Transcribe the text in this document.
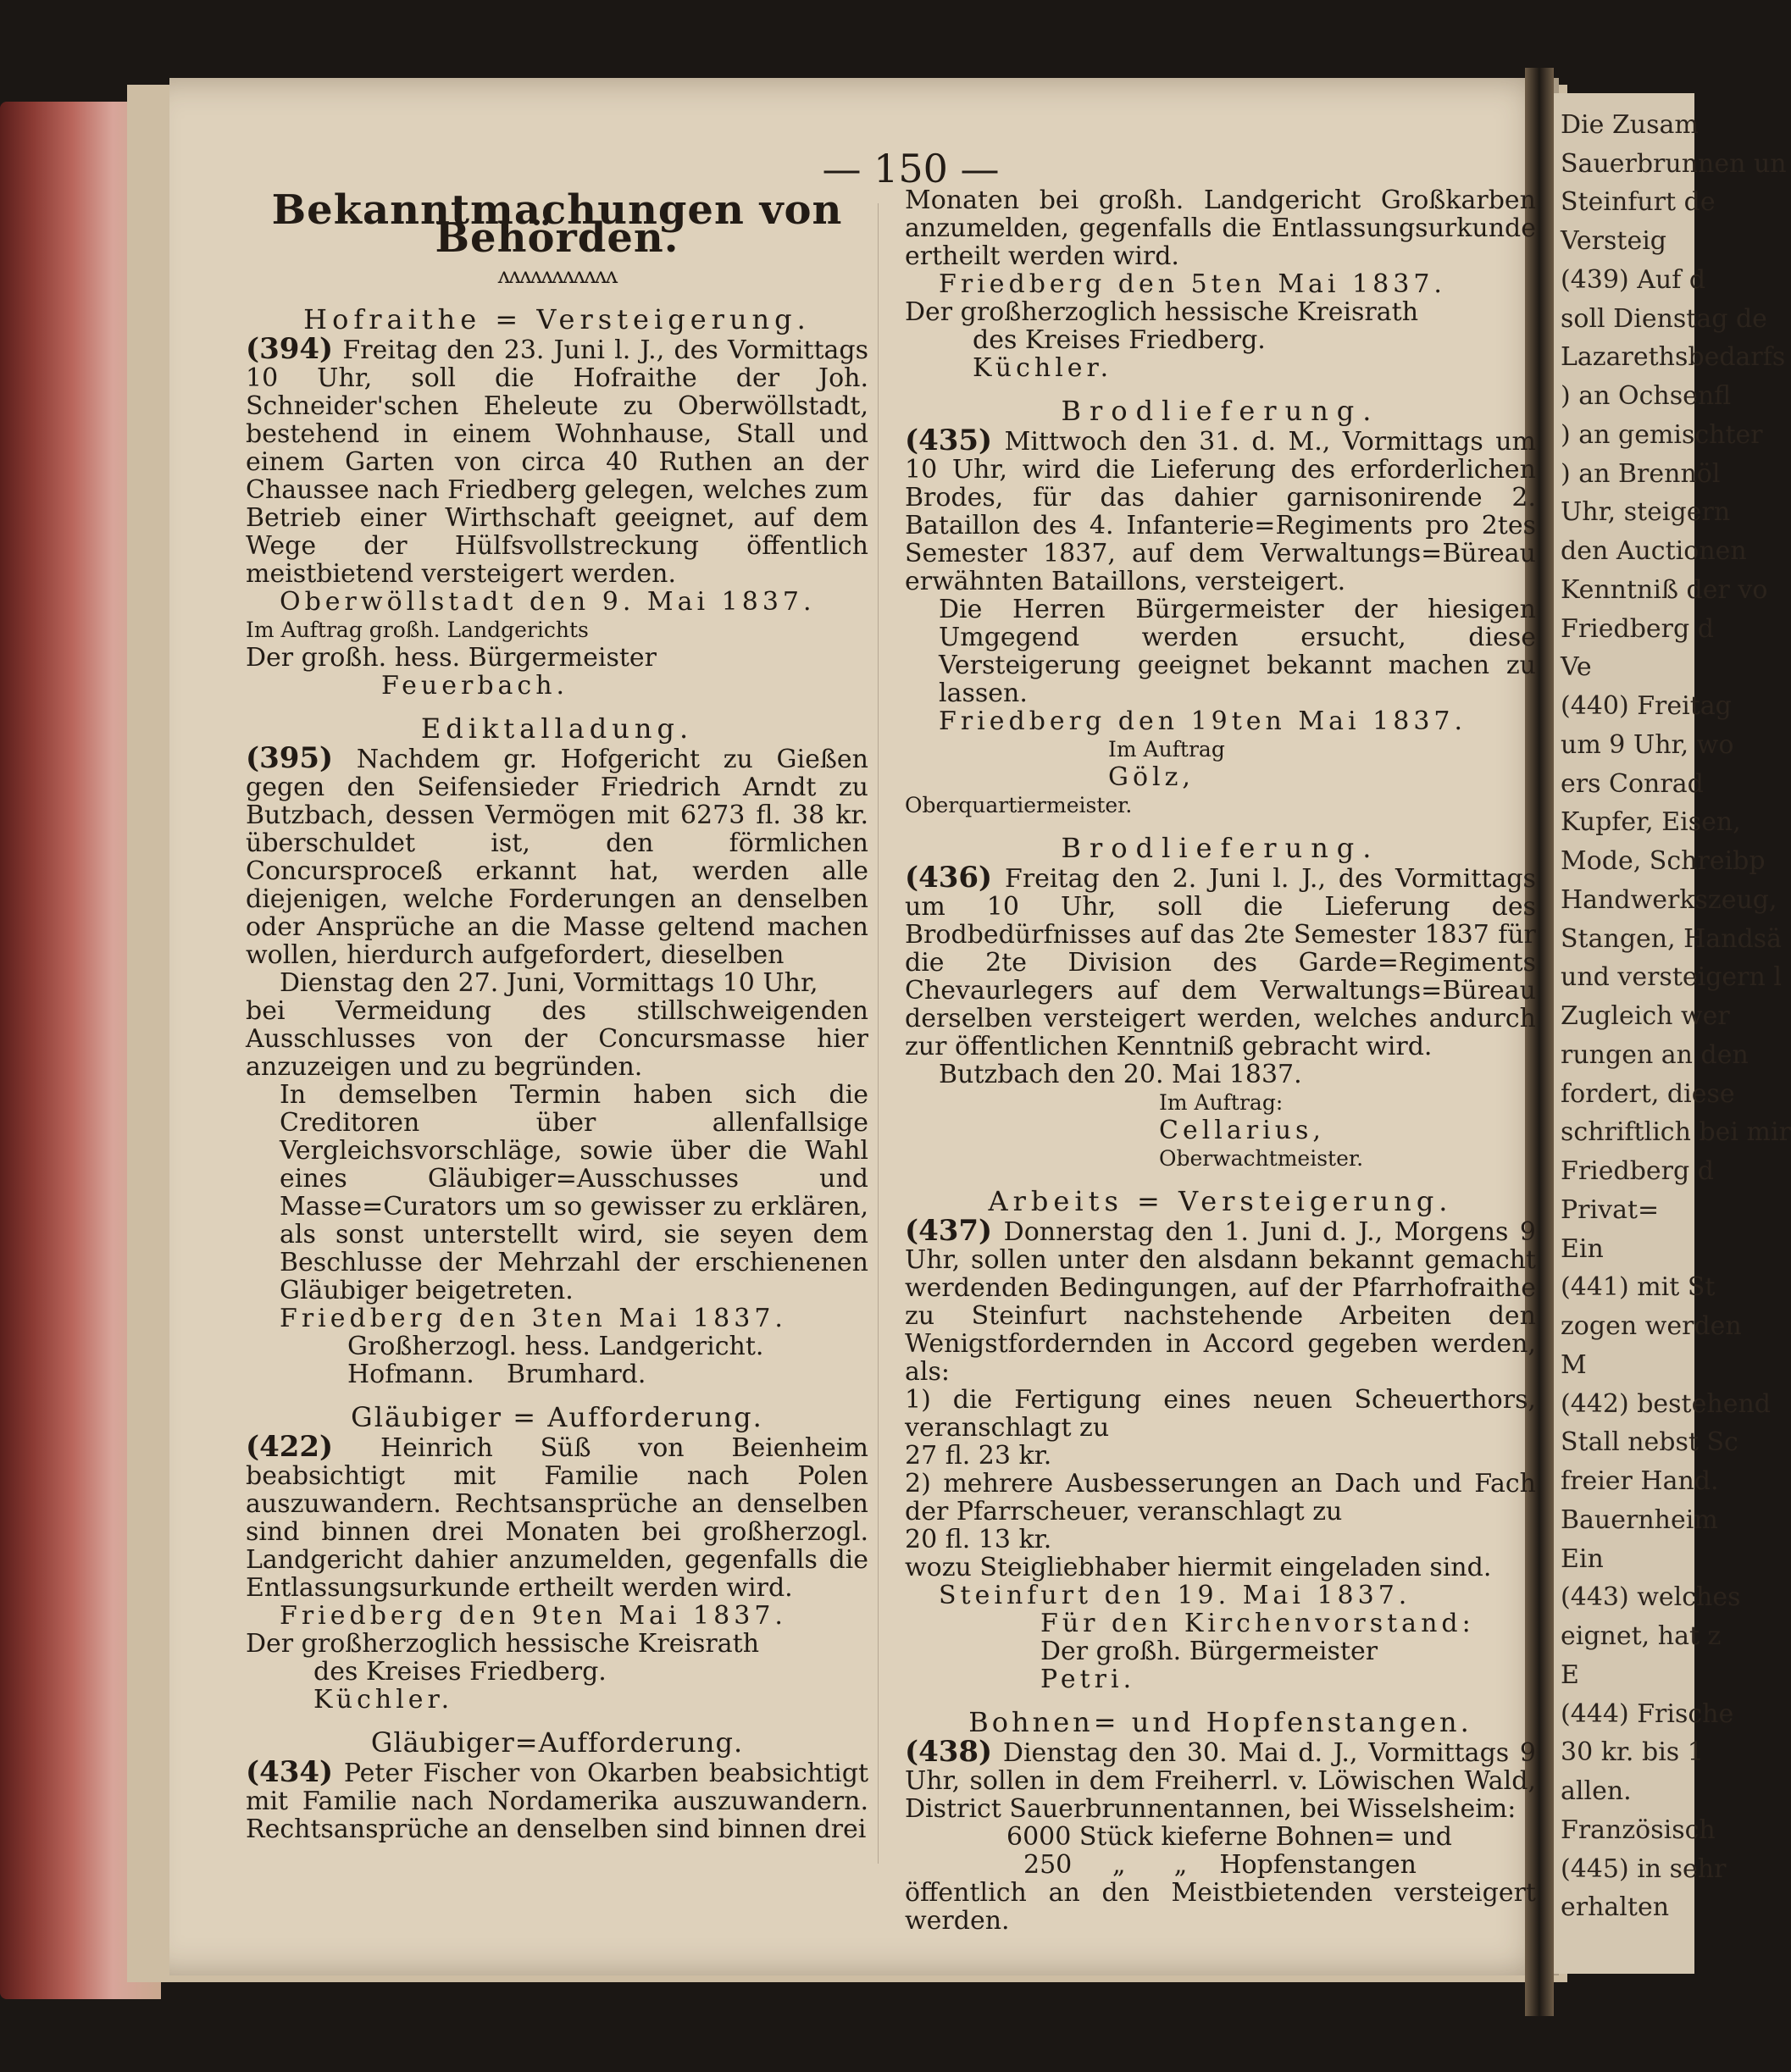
Die Zusam
Sauerbrunnen un
Steinfurt de
Versteig
(439) Auf d
soll Dienstag de
Lazarethsbedarfs
) an Ochsenfl
) an gemischter
) an Brennöl
Uhr, steigern
den Auctionen
Kenntniß der vo
Friedberg d
Ve
(440) Freitag
um 9 Uhr, wo
ers Conrad
Kupfer, Eisen,
Mode, Schreibp
Handwerkszeug,
Stangen, Handsä
und versteigern l
Zugleich wer
rungen an den
fordert, diese
schriftlich bei mir
Friedberg d
Privat=
Ein
(441) mit St
zogen werden
M
(442) bestehend
Stall nebst Sc
freier Hand.
Bauernheim
Ein
(443) welches
eignet, hat z
E
(444) Frische
30 kr. bis 1
allen.
Französisch
(445) in sehr
erhalten
— 150 —
Bekanntmachungen von Behörden.
ʌʌʌʌʌʌʌʌʌʌʌ
Hofraithe = Versteigerung.

(394) Freitag den 23. Juni l. J., des Vormittags 10 Uhr, soll die Hofraithe der Joh. Schneider'schen Eheleute zu Oberwöllstadt, bestehend in einem Wohnhause, Stall und einem Garten von circa 40 Ruthen an der Chaussee nach Friedberg gelegen, welches zum Betrieb einer Wirthschaft geeignet, auf dem Wege der Hülfsvollstreckung öffentlich meistbietend versteigert werden.

Oberwöllstadt den 9. Mai 1837.

Im Auftrag großh. Landgerichts

Der großh. hess. Bürgermeister

Feuerbach.

Ediktalladung.

(395) Nachdem gr. Hofgericht zu Gießen gegen den Seifensieder Friedrich Arndt zu Butzbach, dessen Vermögen mit 6273 fl. 38 kr. überschuldet ist, den förmlichen Concursproceß erkannt hat, werden alle diejenigen, welche Forderungen an denselben oder Ansprüche an die Masse geltend machen wollen, hierdurch aufgefordert, dieselben

Dienstag den 27. Juni, Vormittags 10 Uhr,

bei Vermeidung des stillschweigenden Ausschlusses von der Concursmasse hier anzuzeigen und zu begründen.

In demselben Termin haben sich die Creditoren über allenfallsige Vergleichsvorschläge, sowie über die Wahl eines Gläubiger=Ausschusses und Masse=Curators um so gewisser zu erklären, als sonst unterstellt wird, sie seyen dem Beschlusse der Mehrzahl der erschienenen Gläubiger beigetreten.

Friedberg den 3ten Mai 1837.

Großherzogl. hess. Landgericht.

Hofmann.    Brumhard.

Gläubiger = Aufforderung.

(422) Heinrich Süß von Beienheim beabsichtigt mit Familie nach Polen auszuwandern. Rechtsansprüche an denselben sind binnen drei Monaten bei großherzogl. Landgericht dahier anzumelden, gegenfalls die Entlassungsurkunde ertheilt werden wird.

Friedberg den 9ten Mai 1837.

Der großherzoglich hessische Kreisrath

des Kreises Friedberg.

Küchler.

Gläubiger=Aufforderung.

(434) Peter Fischer von Okarben beabsichtigt mit Familie nach Nordamerika auszuwandern. Rechtsansprüche an denselben sind binnen drei

Monaten bei großh. Landgericht Großkarben anzumelden, gegenfalls die Entlassungsurkunde ertheilt werden wird.

Friedberg den 5ten Mai 1837.

Der großherzoglich hessische Kreisrath

des Kreises Friedberg.

Küchler.

Brodlieferung.

(435) Mittwoch den 31. d. M., Vormittags um 10 Uhr, wird die Lieferung des erforderlichen Brodes, für das dahier garnisonirende 2. Bataillon des 4. Infanterie=Regiments pro 2tes Semester 1837, auf dem Verwaltungs=Büreau erwähnten Bataillons, versteigert.

Die Herren Bürgermeister der hiesigen Umgegend werden ersucht, diese Versteigerung geeignet bekannt machen zu lassen.

Friedberg den 19ten Mai 1837.

Im Auftrag

Gölz,

Oberquartiermeister.

Brodlieferung.

(436) Freitag den 2. Juni l. J., des Vormittags um 10 Uhr, soll die Lieferung des Brodbedürfnisses auf das 2te Semester 1837 für die 2te Division des Garde=Regiments Chevaurlegers auf dem Verwaltungs=Büreau derselben versteigert werden, welches andurch zur öffentlichen Kenntniß gebracht wird.

Butzbach den 20. Mai 1837.

Im Auftrag:

Cellarius,

Oberwachtmeister.

Arbeits = Versteigerung.

(437) Donnerstag den 1. Juni d. J., Morgens 9 Uhr, sollen unter den alsdann bekannt gemacht werdenden Bedingungen, auf der Pfarrhofraithe zu Steinfurt nachstehende Arbeiten den Wenigstfordernden in Accord gegeben werden, als:

1) die Fertigung eines neuen Scheuerthors, veranschlagt zu

27 fl. 23 kr.

2) mehrere Ausbesserungen an Dach und Fach der Pfarrscheuer, veranschlagt zu

20 fl. 13 kr.

wozu Steigliebhaber hiermit eingeladen sind.

Steinfurt den 19. Mai 1837.

Für den Kirchenvorstand:

Der großh. Bürgermeister

Petri.

Bohnen= und Hopfenstangen.

(438) Dienstag den 30. Mai d. J., Vormittags 9 Uhr, sollen in dem Freiherrl. v. Löwischen Wald, District Sauerbrunnentannen, bei Wisselsheim:

6000 Stück kieferne Bohnen= und

250     „      „    Hopfenstangen

öffentlich an den Meistbietenden versteigert werden.
